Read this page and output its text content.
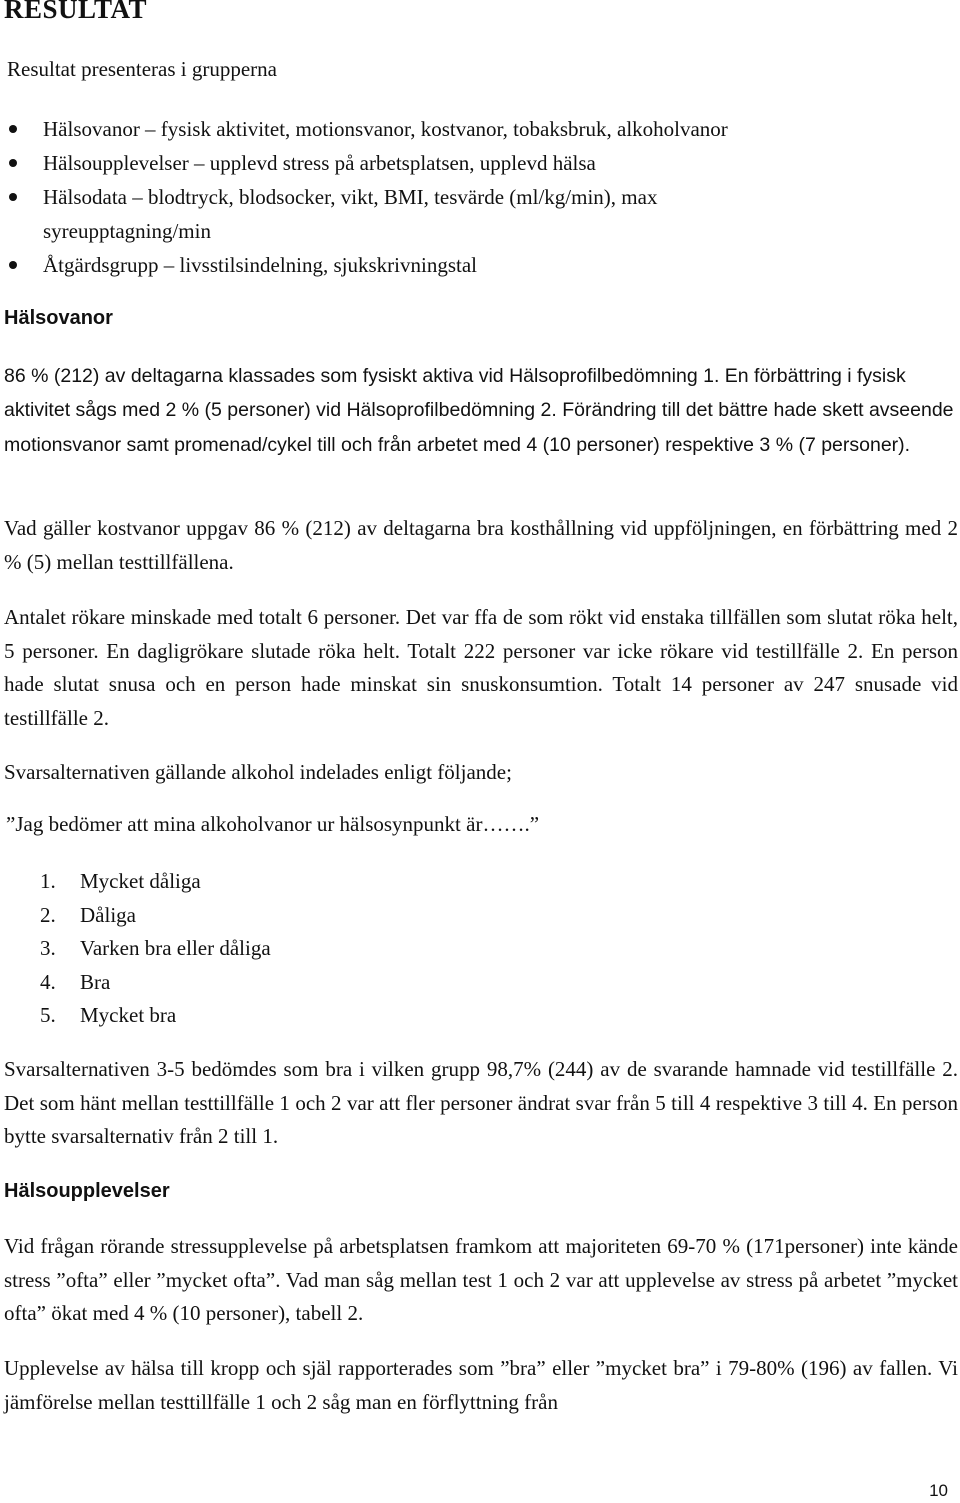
RESULTAT
Resultat presenteras i grupperna
Hälsovanor – fysisk aktivitet, motionsvanor, kostvanor, tobaksbruk, alkoholvanor
Hälsoupplevelser – upplevd stress på arbetsplatsen, upplevd hälsa
Hälsodata – blodtryck, blodsocker, vikt, BMI, tesvärde (ml/kg/min), max
syreupptagning/min
Åtgärdsgrupp – livsstilsindelning, sjukskrivningstal
Hälsovanor
86 % (212) av deltagarna klassades som fysiskt aktiva vid Hälsoprofilbedömning 1. En förbättring i fysisk aktivitet sågs med 2 % (5 personer) vid Hälsoprofilbedömning 2. Förändring till det bättre hade skett avseende motionsvanor samt promenad/cykel till och från arbetet med 4 (10 personer) respektive 3 % (7 personer).
Vad gäller kostvanor uppgav 86 % (212) av deltagarna bra kosthållning vid uppföljningen, en förbättring med 2 % (5) mellan testtillfällena.
Antalet rökare minskade med totalt 6 personer. Det var ffa de som rökt vid enstaka tillfällen som slutat röka helt, 5 personer. En dagligrökare slutade röka helt. Totalt 222 personer var icke rökare vid testillfälle 2. En person hade slutat snusa och en person hade minskat sin snuskonsumtion. Totalt 14 personer av 247 snusade vid testillfälle 2.
Svarsalternativen gällande alkohol indelades enligt följande;
”Jag bedömer att mina alkoholvanor ur hälsosynpunkt är…….”
1. Mycket dåliga
2. Dåliga
3. Varken bra eller dåliga
4. Bra
5. Mycket bra
Svarsalternativen 3-5 bedömdes som bra i vilken grupp 98,7% (244) av de svarande hamnade vid testillfälle 2. Det som hänt mellan testtillfälle 1 och 2 var att fler personer ändrat svar från 5 till 4 respektive 3 till 4. En person bytte svarsalternativ från 2 till 1.
Hälsoupplevelser
Vid frågan rörande stressupplevelse på arbetsplatsen framkom att majoriteten 69-70 % (171personer) inte kände stress ”ofta” eller ”mycket ofta”. Vad man såg mellan test 1 och 2 var att upplevelse av stress på arbetet ”mycket ofta” ökat med 4 % (10 personer), tabell 2.
Upplevelse av hälsa till kropp och själ rapporterades som ”bra” eller ”mycket bra” i 79-80% (196) av fallen. Vi jämförelse mellan testtillfälle 1 och 2 såg man en förflyttning från
10
